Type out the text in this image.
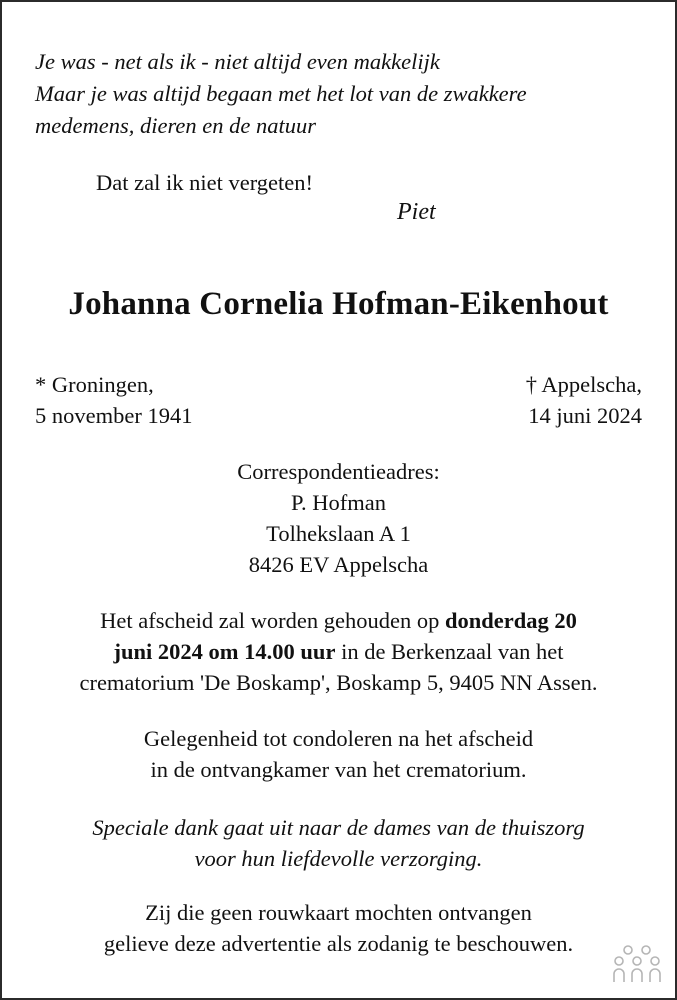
Je was - net als ik - niet altijd even makkelijk
Maar je was altijd begaan met het lot van de zwakkere
medemens, dieren en de natuur
Dat zal ik niet vergeten!
Piet
Johanna Cornelia Hofman-Eikenhout
* Groningen,
5 november 1941
† Appelscha,
14 juni 2024
Correspondentieadres:
P. Hofman
Tolhekslaan A 1
8426 EV Appelscha
Het afscheid zal worden gehouden op donderdag 20
juni 2024 om 14.00 uur in de Berkenzaal van het
crematorium 'De Boskamp', Boskamp 5, 9405 NN Assen.
Gelegenheid tot condoleren na het afscheid
in de ontvangkamer van het crematorium.
Speciale dank gaat uit naar de dames van de thuiszorg
voor hun liefdevolle verzorging.
Zij die geen rouwkaart mochten ontvangen
gelieve deze advertentie als zodanig te beschouwen.
